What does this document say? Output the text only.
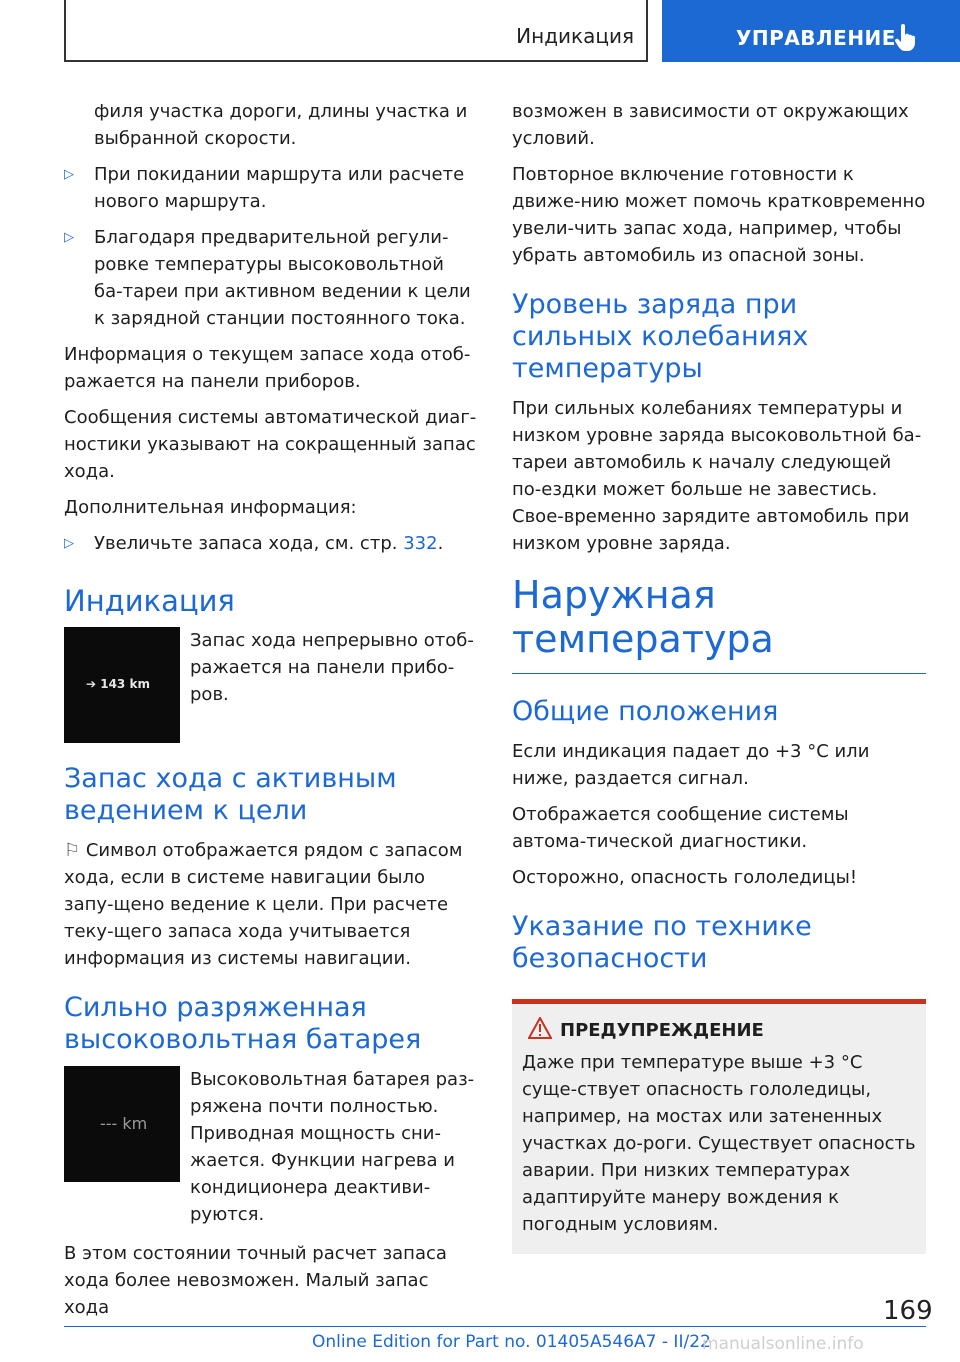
Индикация	УПРАВЛЕНИЕ

филя участка дороги, длины участка и выбранной скорости.

▷ При покидании маршрута или расчете нового маршрута.
▷ Благодаря предварительной регули‐ровке температуры высоковольтной ба‐тареи при активном ведении к цели к зарядной станции постоянного тока.

Информация о текущем запасе хода отоб‐ражается на панели приборов.

Сообщения системы автоматической диаг‐ностики указывают на сокращенный запас хода.

Дополнительная информация:

▷ Увеличьте запаса хода, см. стр. 332.
Индикация
➔ 143 km

Запас хода непрерывно отоб‐ражается на панели прибо‐ров.

Запас хода с активным ведением к цели

⚐ Символ отображается рядом с запасом хода, если в системе навигации было запу‐щено ведение к цели. При расчете теку‐щего запаса хода учитывается информация из системы навигации.

Сильно разряженная высоковольтная батарея
--- km

Высоковольтная батарея раз‐ряжена почти полностью. Приводная мощность сни‐жается. Функции нагрева и кондиционера деактиви‐руются.

В этом состоянии точный расчет запаса хода более невозможен. Малый запас хода

возможен в зависимости от окружающих условий.

Повторное включение готовности к движе‐нию может помочь кратковременно увели‐чить запас хода, например, чтобы убрать автомобиль из опасной зоны.

Уровень заряда при сильных колебаниях температуры

При сильных колебаниях температуры и низком уровне заряда высоковольтной ба‐тареи автомобиль к началу следующей по‐ездки может больше не завестись. Свое‐временно зарядите автомобиль при низком уровне заряда.

Наружная температура
Общие положения

Если индикация падает до +3 °C или ниже, раздается сигнал.

Отображается сообщение системы автома‐тической диагностики.

Осторожно, опасность гололедицы!

Указание по технике безопасности
ПРЕДУПРЕЖДЕНИЕ

Даже при температуре выше +3 °C суще‐ствует опасность гололедицы, например, на мостах или затененных участках до‐роги. Существует опасность аварии. При низких температурах адаптируйте манеру вождения к погодным условиям.

169
Online Edition for Part no. 01405A546A7 - II/22
manualsonline.info
